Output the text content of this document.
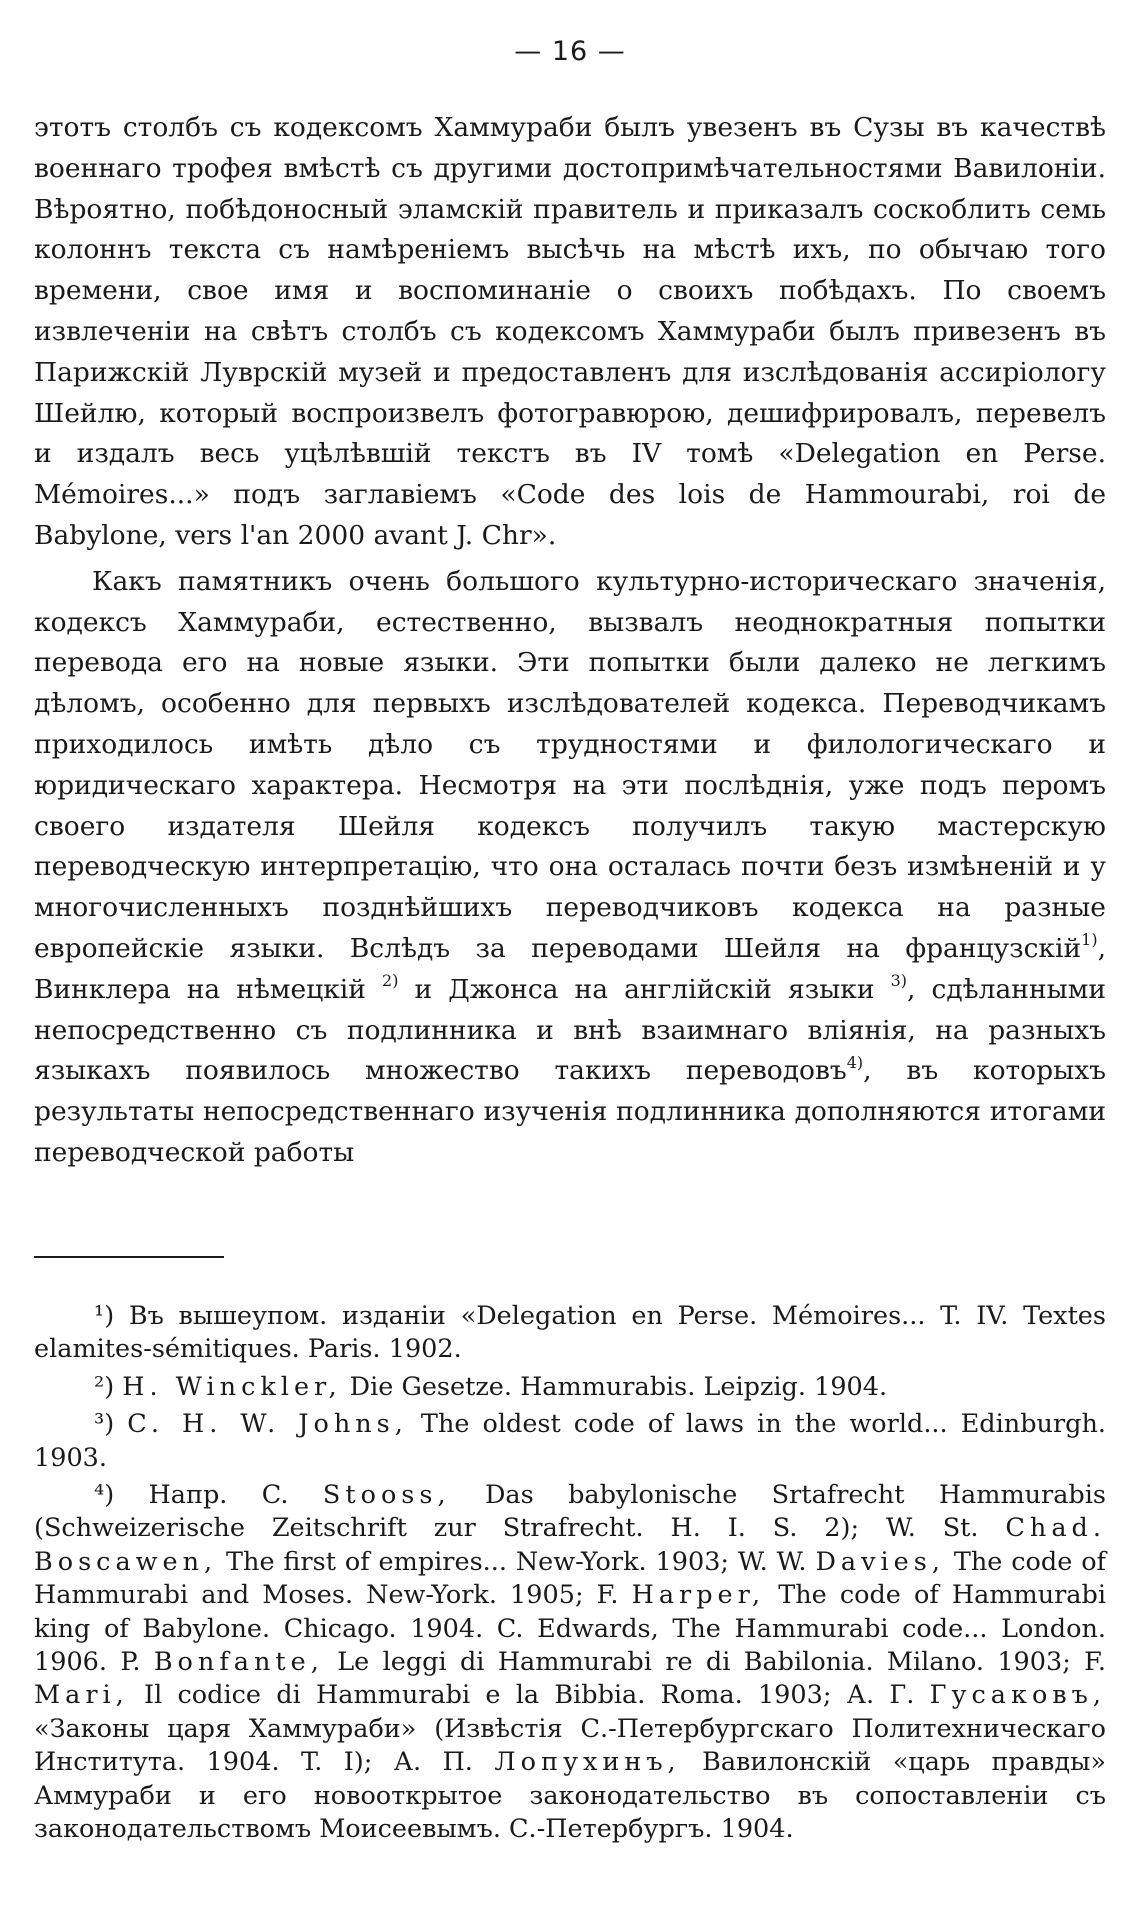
— 16 —

этотъ столбъ съ кодексомъ Хаммураби былъ увезенъ въ Сузы въ качествѣ военнаго трофея вмѣстѣ съ другими достопримѣчательностями Вавилоніи. Вѣроятно, побѣдоносный эламскій правитель и приказалъ соскоблить семь колоннъ текста съ намѣреніемъ высѣчь на мѣстѣ ихъ, по обычаю того времени, свое имя и воспоминаніе о своихъ побѣдахъ. По своемъ извлеченіи на свѣтъ столбъ съ кодексомъ Хаммураби былъ привезенъ въ Парижскій Луврскій музей и предоставленъ для изслѣдованія ассиріологу Шейлю, который воспроизвелъ фотогравюрою, дешифрировалъ, перевелъ и издалъ весь уцѣлѣвшій текстъ въ IV томѣ «Delegation en Perse. Mémoires...» подъ заглавіемъ «Code des lois de Hammourabi, roi de Babylone, vers l'an 2000 avant J. Chr».

Какъ памятникъ очень большого культурно-историческаго значенія, кодексъ Хаммураби, естественно, вызвалъ неоднократныя попытки перевода его на новые языки. Эти попытки были далеко не легкимъ дѣломъ, особенно для первыхъ изслѣдователей кодекса. Переводчикамъ приходилось имѣть дѣло съ трудностями и филологическаго и юридическаго характера. Несмотря на эти послѣднія, уже подъ перомъ своего издателя Шейля кодексъ получилъ такую мастерскую переводческую интерпретацію, что она осталась почти безъ измѣненій и у многочисленныхъ позднѣйшихъ переводчиковъ кодекса на разные европейскіе языки. Вслѣдъ за переводами Шейля на французскій$^{1)}$, Винклера на нѣмецкій $^{2)}$ и Джонса на англійскій языки $^{3)}$, сдѣланными непосредственно съ подлинника и внѣ взаимнаго вліянія, на разныхъ языкахъ появилось множество такихъ переводовъ$^{4)}$, въ которыхъ результаты непосредственнаго изученія подлинника дополняются итогами переводческой работы

¹) Въ вышеупом. изданіи «Delegation en Perse. Mémoires... T. IV. Textes elamites-sémitiques. Paris. 1902.

²) H. Winckler, Die Gesetze. Hammurabis. Leipzig. 1904.

³) C. H. W. Johns, The oldest code of laws in the world... Edinburgh. 1903.

⁴) Напр. C. Stooss, Das babylonische Srtafrecht Hammurabis (Schweizerische Zeitschrift zur Strafrecht. H. I. S. 2); W. St. Chad. Boscawen, The first of empires... New-York. 1903; W. W. Davies, The code of Hammurabi and Moses. New-York. 1905; F. Harper, The code of Hammurabi king of Babylone. Chicago. 1904. C. Edwards, The Hammurabi code... London. 1906. P. Bonfante, Le leggi di Hammurabi re di Babilonia. Milano. 1903; F. Mari, Il codice di Hammurabi e la Bibbia. Roma. 1903; А. Г. Гусаковъ, «Законы царя Хаммураби» (Извѣстія С.-Петербургскаго Политехническаго Института. 1904. T. I); А. П. Лопухинъ, Вавилонскій «царь правды» Аммураби и его новооткрытое законодательство въ сопоставленіи съ законодательствомъ Моисеевымъ. С.-Петербургъ. 1904.
